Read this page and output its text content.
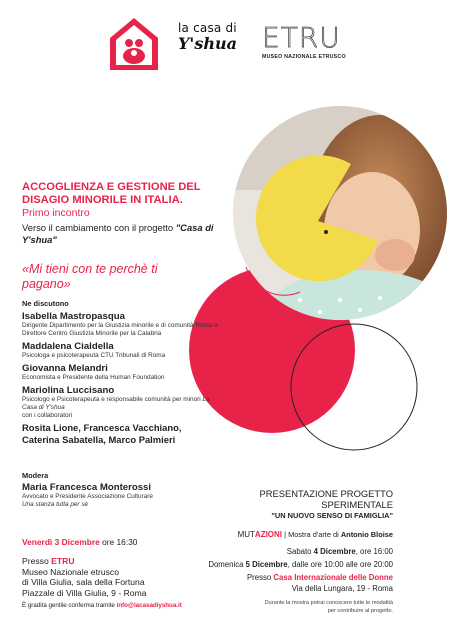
la casa di
Y'shua ETRU
MUSEO NAZIONALE ETRUSCO
ACCOGLIENZA E GESTIONE DEL DISAGIO MINORILE IN ITALIA.
Primo incontro
Verso il cambiamento con il progetto "Casa di Y'shua"
«Mi tieni con te perchè ti pagano»
Ne discutono
Isabella Mastropasqua
Dirigente Dipartimento per la Giustizia minorile e di comunità Roma e Direttore Centro Giustizia Minorile per la Calabria
Maddalena Cialdella
Psicologa e psicoterapeuta CTU Tribunali di Roma
Giovanna Melandri
Economista e Presidente della Human Foundation
Mariolina Luccisano
Psicologo e Psicoterapeuta e responsabile comunità per minori La Casa di Y'shua
con i collaboratori
Rosita Lione, Francesca Vacchiano,
Caterina Sabatella, Marco Palmieri
Modera
Maria Francesca Monterossi
Avvocato e Presidente Associazione Culturare
Una stanza tutta per sè
Venerdì 3 Dicembre ore 16:30
Presso ETRU
Museo Nazionale etrusco
di Villa Giulia, sala della Fortuna
Piazzale di Villa Giulia, 9 - Roma
È gradita gentile conferma tramite info@lacasadiyshua.it
PRESENTAZIONE PROGETTO
SPERIMENTALE
"UN NUOVO SENSO DI FAMIGLIA"
MUTAZIONI | Mostra d'arte di Antonio Bloise
Sabato 4 Dicembre, ore 16:00
Domenica 5 Dicembre, dalle ore 10:00 alle ore 20:00
Presso Casa Internazionale delle Donne
Via della Lungara, 19 - Roma
Durante la mostra potrai conoscere tutte le modalità
per contribuire al progetto.
